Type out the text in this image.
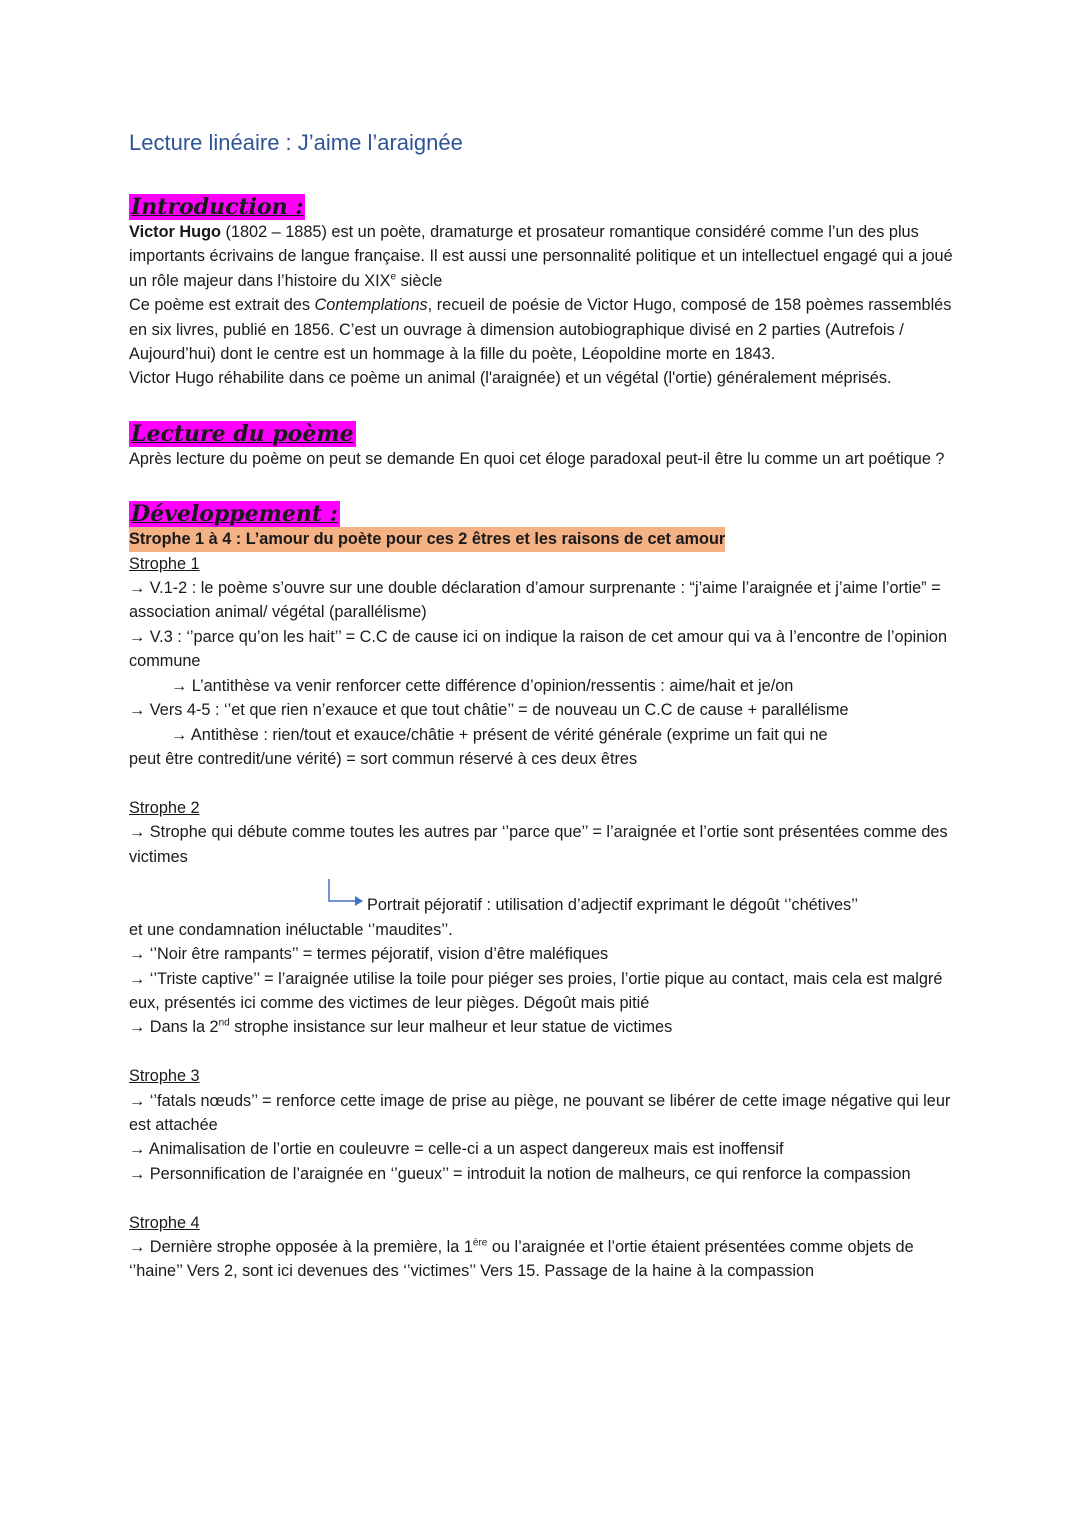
Lecture linéaire : J’aime l’araignée
Introduction :

Victor Hugo (1802 – 1885) est un poète, dramaturge et prosateur romantique considéré comme l’un des plus importants écrivains de langue française. Il est aussi une personnalité politique et un intellectuel engagé qui a joué un rôle majeur dans l’histoire du XIXe siècle

Ce poème est extrait des Contemplations, recueil de poésie de Victor Hugo, composé de 158 poèmes rassemblés en six livres, publié en 1856. C’est un ouvrage à dimension autobiographique divisé en 2 parties (Autrefois / Aujourd’hui) dont le centre est un hommage à la fille du poète, Léopoldine morte en 1843.

Victor Hugo réhabilite dans ce poème un animal (l'araignée) et un végétal (l'ortie) généralement méprisés.

Lecture du poème

Après lecture du poème on peut se demande En quoi cet éloge paradoxal peut-il être lu comme un art poétique ?

Développement :
Strophe 1 à 4 : L’amour du poète pour ces 2 êtres et les raisons de cet amour
Strophe 1

→ V.1-2 : le poème s’ouvre sur une double déclaration d’amour surprenante : “j’aime l’araignée et j’aime l’ortie” = association animal/ végétal (parallélisme)

→ V.3 : ‘’parce qu’on les hait’’ = C.C de cause ici on indique la raison de cet amour qui va à l’encontre de l’opinion commune

→ L’antithèse va venir renforcer cette différence d’opinion/ressentis : aime/hait et je/on

→ Vers 4-5 : ‘’et que rien n’exauce et que tout châtie’’ = de nouveau un C.C de cause + parallélisme

→ Antithèse : rien/tout et exauce/châtie + présent de vérité générale (exprime un fait qui ne

peut être contredit/une vérité) = sort commun réservé à ces deux êtres

Strophe 2

→ Strophe qui débute comme toutes les autres par ‘’parce que’’ = l’araignée et l’ortie sont présentées comme des victimes

Portrait péjoratif : utilisation d’adjectif exprimant le dégoût ‘’chétives’’

et une condamnation inéluctable ‘’maudites’’.

→ ‘’Noir être rampants’’ = termes péjoratif, vision d’être maléfiques

→ ‘’Triste captive’’ = l’araignée utilise la toile pour piéger ses proies, l’ortie pique au contact, mais cela est malgré eux, présentés ici comme des victimes de leur pièges. Dégoût mais pitié

→ Dans la 2nd strophe insistance sur leur malheur et leur statue de victimes

Strophe 3

→ ‘’fatals nœuds’’ = renforce cette image de prise au piège, ne pouvant se libérer de cette image négative qui leur est attachée

→ Animalisation de l’ortie en couleuvre = celle-ci a un aspect dangereux mais est inoffensif

→ Personnification de l’araignée en ‘’gueux’’ = introduit la notion de malheurs, ce qui renforce la compassion

Strophe 4

→ Dernière strophe opposée à la première, la 1ère ou l’araignée et l’ortie étaient présentées comme objets de ‘’haine’’ Vers 2, sont ici devenues des ‘’victimes’’ Vers 15. Passage de la haine à la compassion
